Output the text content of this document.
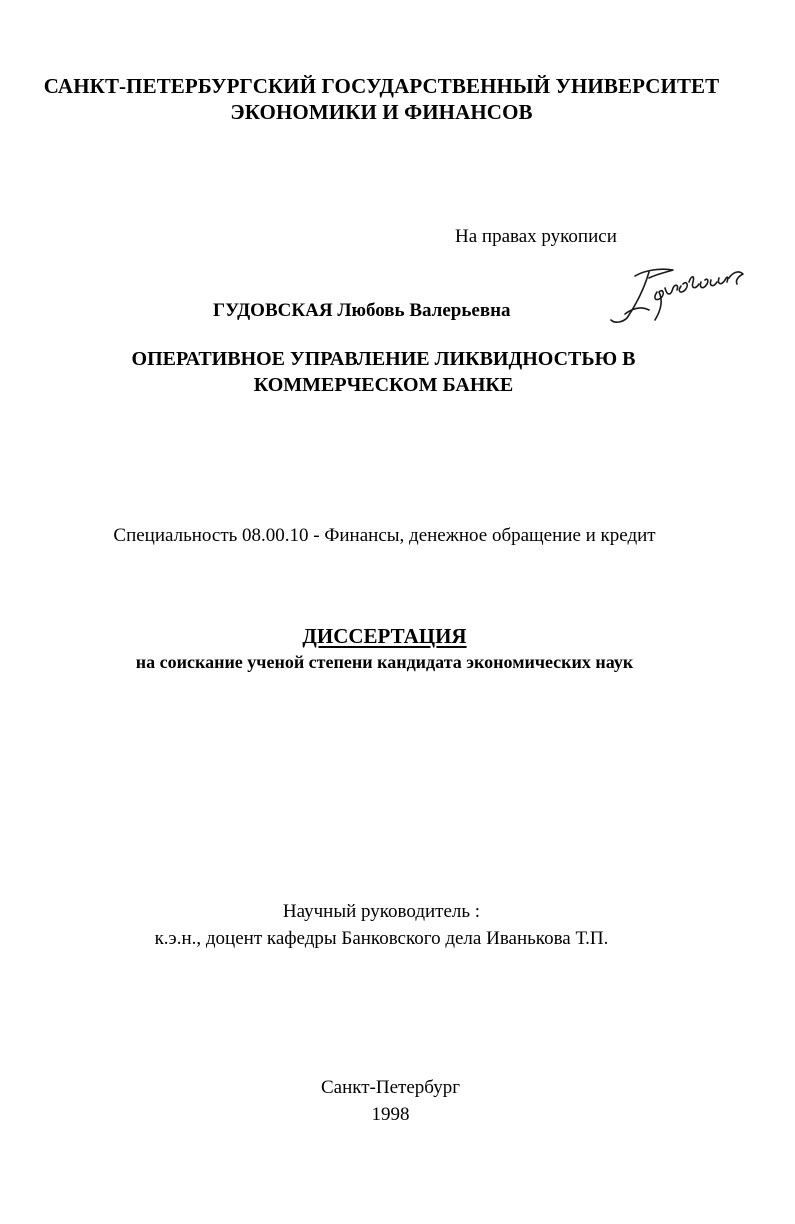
САНКТ-ПЕТЕРБУРГСКИЙ ГОСУДАРСТВЕННЫЙ УНИВЕРСИТЕТ
ЭКОНОМИКИ И ФИНАНСОВ
На правах рукописи
ГУДОВСКАЯ Любовь Валерьевна
ОПЕРАТИВНОЕ УПРАВЛЕНИЕ ЛИКВИДНОСТЬЮ В
КОММЕРЧЕСКОМ БАНКЕ
Специальность 08.00.10 - Финансы, денежное обращение и кредит
ДИССЕРТАЦИЯ
на соискание ученой степени кандидата экономических наук
Научный руководитель :
к.э.н., доцент кафедры Банковского дела Иванькова Т.П.
Санкт-Петербург
1998
